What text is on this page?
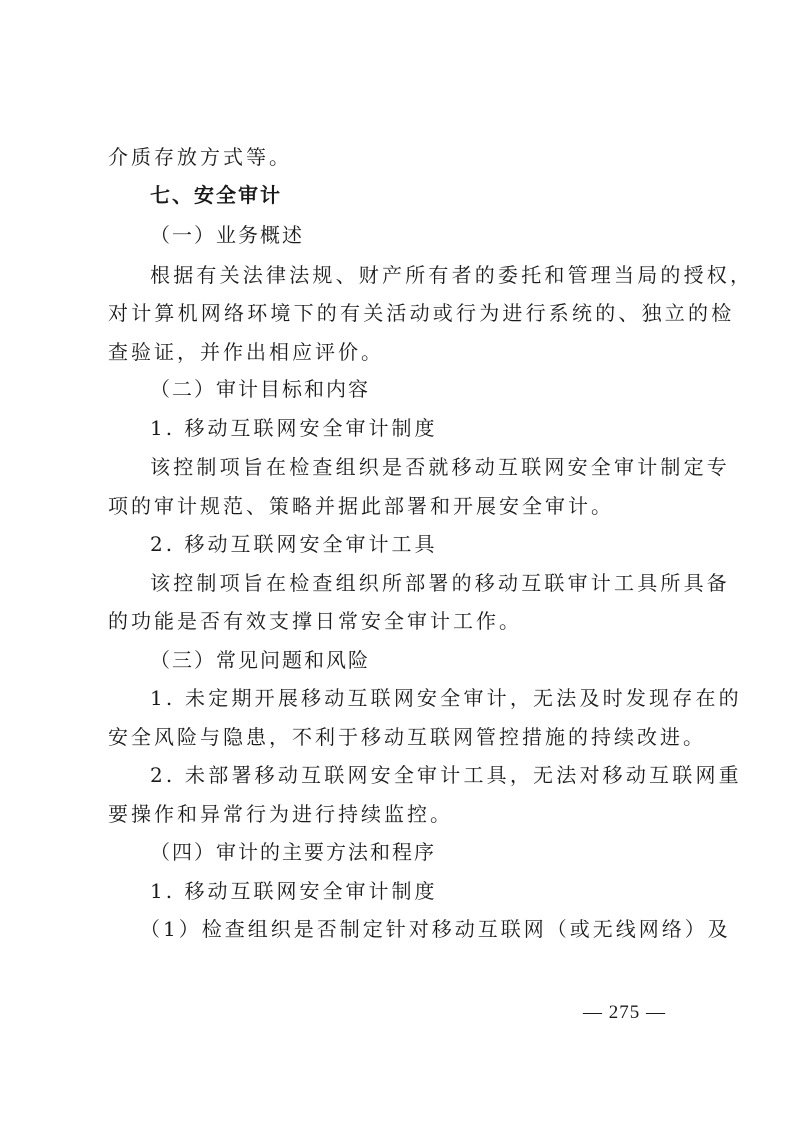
介质存放方式等。
七、安全审计
（一）业务概述
根据有关法律法规、财产所有者的委托和管理当局的授权，
对计算机网络环境下的有关活动或行为进行系统的、独立的检
查验证，并作出相应评价。
（二）审计目标和内容
1. 移动互联网安全审计制度
该控制项旨在检查组织是否就移动互联网安全审计制定专
项的审计规范、策略并据此部署和开展安全审计。
2. 移动互联网安全审计工具
该控制项旨在检查组织所部署的移动互联审计工具所具备
的功能是否有效支撑日常安全审计工作。
（三）常见问题和风险
1. 未定期开展移动互联网安全审计，无法及时发现存在的
安全风险与隐患，不利于移动互联网管控措施的持续改进。
2. 未部署移动互联网安全审计工具，无法对移动互联网重
要操作和异常行为进行持续监控。
（四）审计的主要方法和程序
1. 移动互联网安全审计制度
（1）检查组织是否制定针对移动互联网（或无线网络）及
— 275 —
